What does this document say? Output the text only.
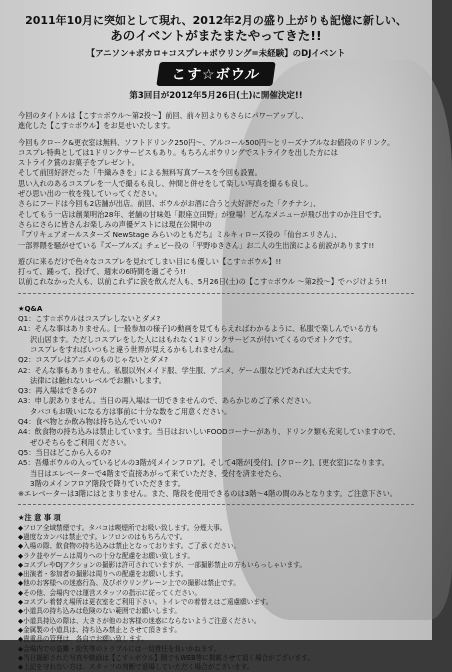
2011年10月に突如として現れ、2012年2月の盛り上がりも記憶に新しい、
あのイベントがまたまたやってきた!!
【アニソン+ボカロ+コスプレ+ボウリング=未経験】のDJイベント
こす☆ボウル
第3回目が2012年5月26日(土)に開催決定!!

今回のタイトルは【こす☆ボウル〜第2投〜】前回、前々回よりもさらにパワーアップし、

進化した【こす☆ボウル】をお見せいたします。

今回もクローク&更衣室は無料、ソフトドリンク250円〜、アルコール500円〜とリーズナブルなお値段のドリンク。

コスプレ特典としては1ドリンクサービスもあり。もちろんボウリングでストライクを出した方には

ストライク賞のお菓子をプレゼント。

そして前回好評だった「牛織みきを」による無料写真ブースを今回も設置。

思い入れのあるコスプレを一人で撮るも良し、仲間と併せをして楽しい写真を撮るも良し。

ぜひ思い出の一枚を残していってください。

さらにフードは今回も2店舗が出店。前回、ボウルがお酒に合うと大好評だった「クチナシ」、

そしてもう一店は創業明治28年、老舗の甘味処「銀座立田野」が登場！どんなメニューが飛び出すのか注目です。

さらにさらに皆さんお楽しみの声優ゲストには現在公開中の

『プリキュアオールスターズ NewStage みらいのともだち』ミルキィローズ役の「仙台エリさん」、

一部界隈を騒がせている『ズーブルズ』チェビー役の「平野ゆきさん」お二人の生出演による前説があります!!

遊びに来るだけで色々なコスプレを見れてしまい目にも優しい【こす☆ボウル】!!

打って、踊って、投げて、週末の6時間を過ごそう!!

以前これなかった人も、以前これずに涙を飲んだ人も、5月26日(土)の【こす☆ボウル 〜第2投〜】でハジけよう!!

★Q&A

Q1：こす☆ボウルはコスプレしないとダメ?

A1：そんな事はありません。[一般参加の様子]の動画を見てもらえればわかるように、私服で楽しんでいる方も

沢山居ます。ただしコスプレをした人にはもれなく1ドリンクサービスが付いてくるのでオトクです。

コスプレをすればいつもと違う世界が見えるかもしれませんね。

Q2：コスプレはアニメのものじゃないとダメ?

A2：そんな事もありません。私服以外(メイド服、学生服、アニメ、ゲーム服など)であれば大丈夫です。

法律には触れないレベルでお願いします。

Q3：再入場はできるの?

A3：申し訳ありません。当日の再入場は一切できませんので、あらかじめご了承ください。

タバコもお吸いになる方は事前に十分な数をご用意ください。

Q4：食べ物とか飲み物は持ち込んでいいの?

A4：飲食物の持ち込みは禁止しています。当日はおいしいFOODコーナーがあり、ドリンク類も充実していますので、

ぜひそちらをご利用ください。

Q5：当日はどこから入るの?

A5：吾爆ボウルの入っているビルの3階が[メインフロア]。そして4階が[受付]、[クローク]、[更衣室]になります。

当日はエレベーターで4階まで直接あがって来ていただき、受付を済ませたら、

3階のメインフロア階段で降りていただきます。

※エレベーターは3階にはとまりません。また、階段を使用できるのは3階〜4階の間のみとなります。ご注意下さい。

★注 意 事 項

◆フロア全域禁煙です。タバコは喫煙所でお吸い致します。分煙大事。

◆過度なカンパは禁止です。レフロンのはもちろんです。

◆入場の際、飲食物の持ち込みは禁止となっております。ご了承ください。

◆ラク並やゲームは周りへの十分な配慮をお願い致します。

◆コスプレやDJアクションの撮影は許可されていますが、一部撮影禁止の方もいらっしゃいます。

◆出演者・参加者の撮影は周りへの配慮をお願いします。

◆他のお客様への迷惑行為、及びボウリングレーン上での撮影は禁止です。

◆その他、会場内では運営スタッフの指示に従ってください。

◆コスプレ着替え場所は更衣室をご利用下さい。トイレでの着替えはご遠慮願います。

◆小道具の持ち込みは危険のない範囲でお願いします。

◆小道具持込の際は、大きさが他のお客様の迷惑にならないようご注意ください。

◆金属製の小道具は、持ち込み禁止とさせて頂きます。

◆貴重品の管理は、各自でお願い致します。

◆会場内での盗難・紛失等のトラブルには一切責任を負いかねます。

◆当日撮影された写真や動画は【こす☆ボウル】側でもWEB等に掲載させて頂く場合がございます。

◆上記を守れない方は、スタッフの判断で退場していただく場合がございます。
